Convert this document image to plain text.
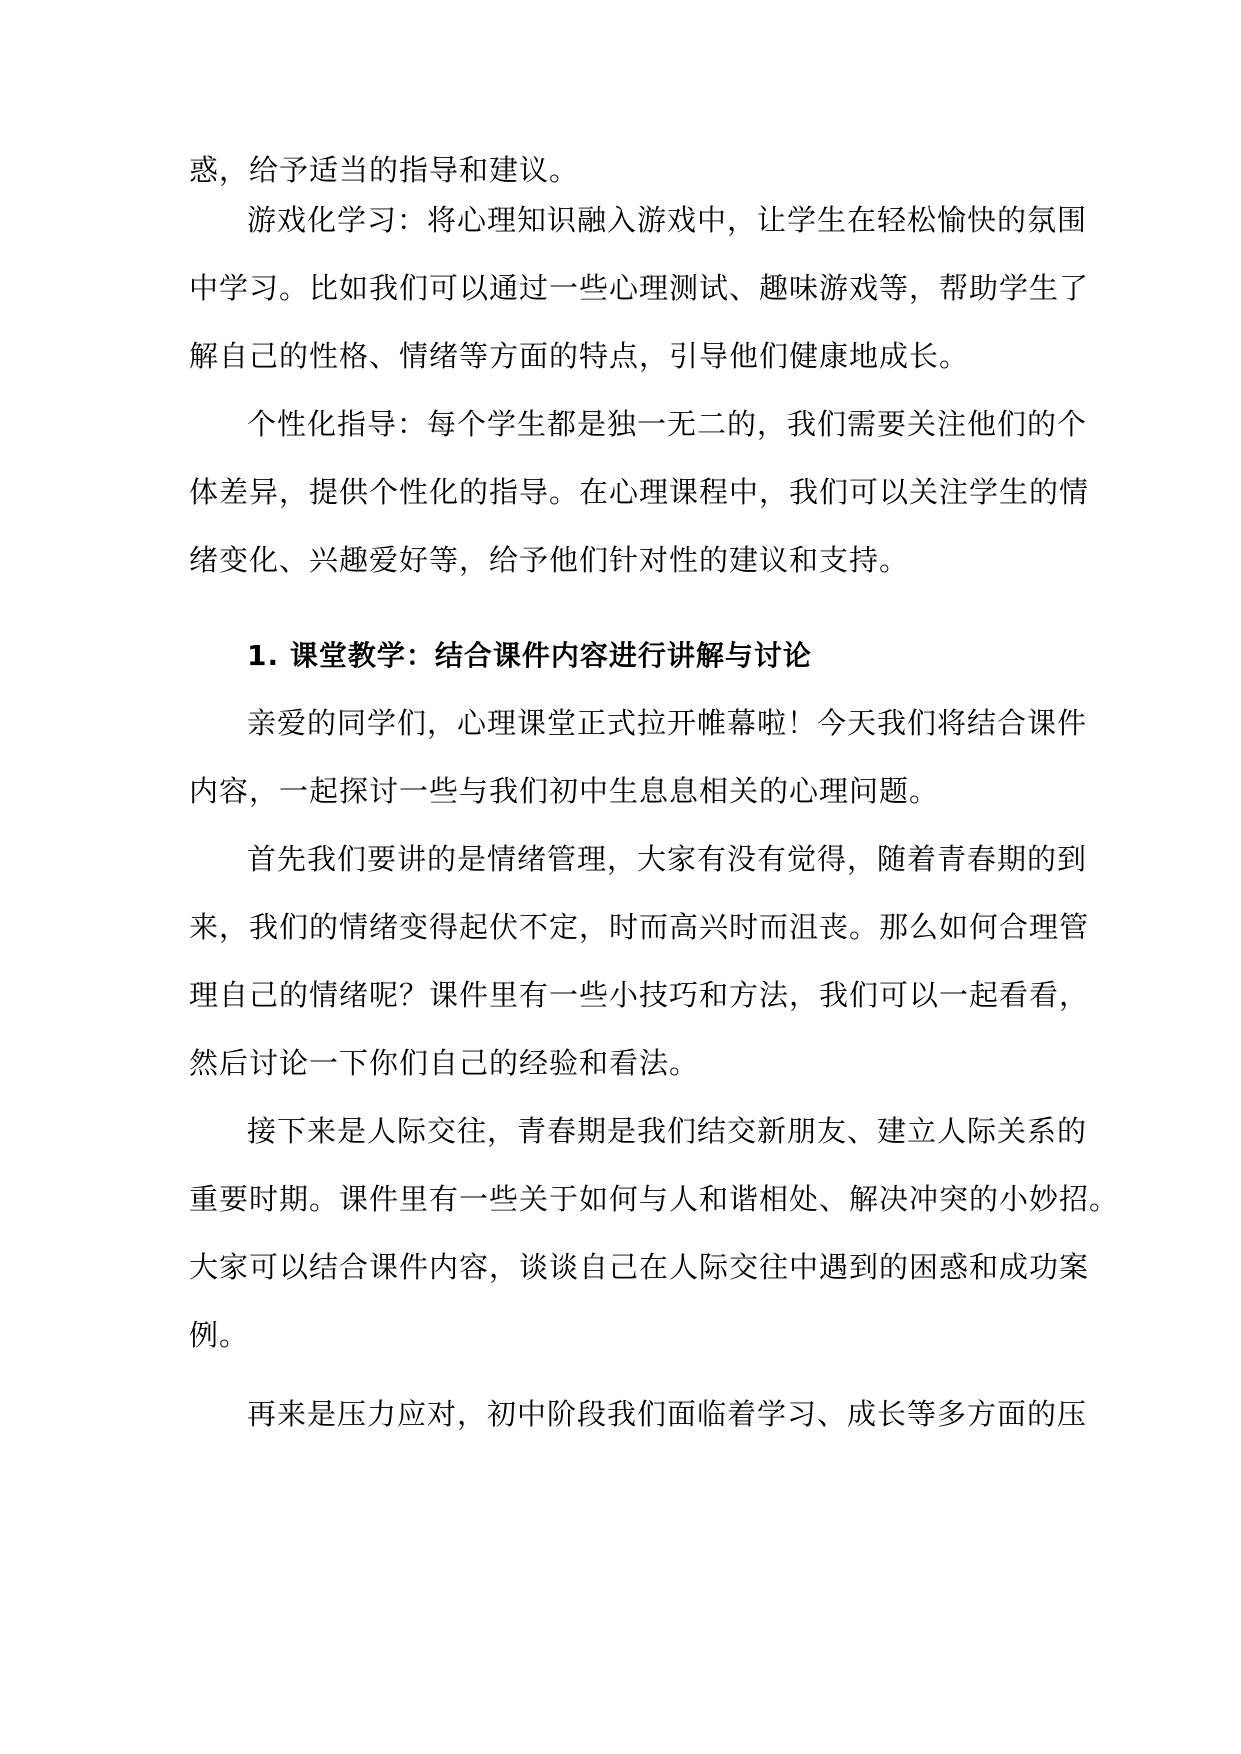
惑，给予适当的指导和建议。
游戏化学习：将心理知识融入游戏中，让学生在轻松愉快的氛围
中学习。比如我们可以通过一些心理测试、趣味游戏等，帮助学生了
解自己的性格、情绪等方面的特点，引导他们健康地成长。
个性化指导：每个学生都是独一无二的，我们需要关注他们的个
体差异，提供个性化的指导。在心理课程中，我们可以关注学生的情
绪变化、兴趣爱好等，给予他们针对性的建议和支持。
1. 课堂教学：结合课件内容进行讲解与讨论
亲爱的同学们，心理课堂正式拉开帷幕啦！今天我们将结合课件
内容，一起探讨一些与我们初中生息息相关的心理问题。
首先我们要讲的是情绪管理，大家有没有觉得，随着青春期的到
来，我们的情绪变得起伏不定，时而高兴时而沮丧。那么如何合理管
理自己的情绪呢？课件里有一些小技巧和方法，我们可以一起看看，
然后讨论一下你们自己的经验和看法。
接下来是人际交往，青春期是我们结交新朋友、建立人际关系的
重要时期。课件里有一些关于如何与人和谐相处、解决冲突的小妙招。
大家可以结合课件内容，谈谈自己在人际交往中遇到的困惑和成功案
例。
再来是压力应对，初中阶段我们面临着学习、成长等多方面的压
